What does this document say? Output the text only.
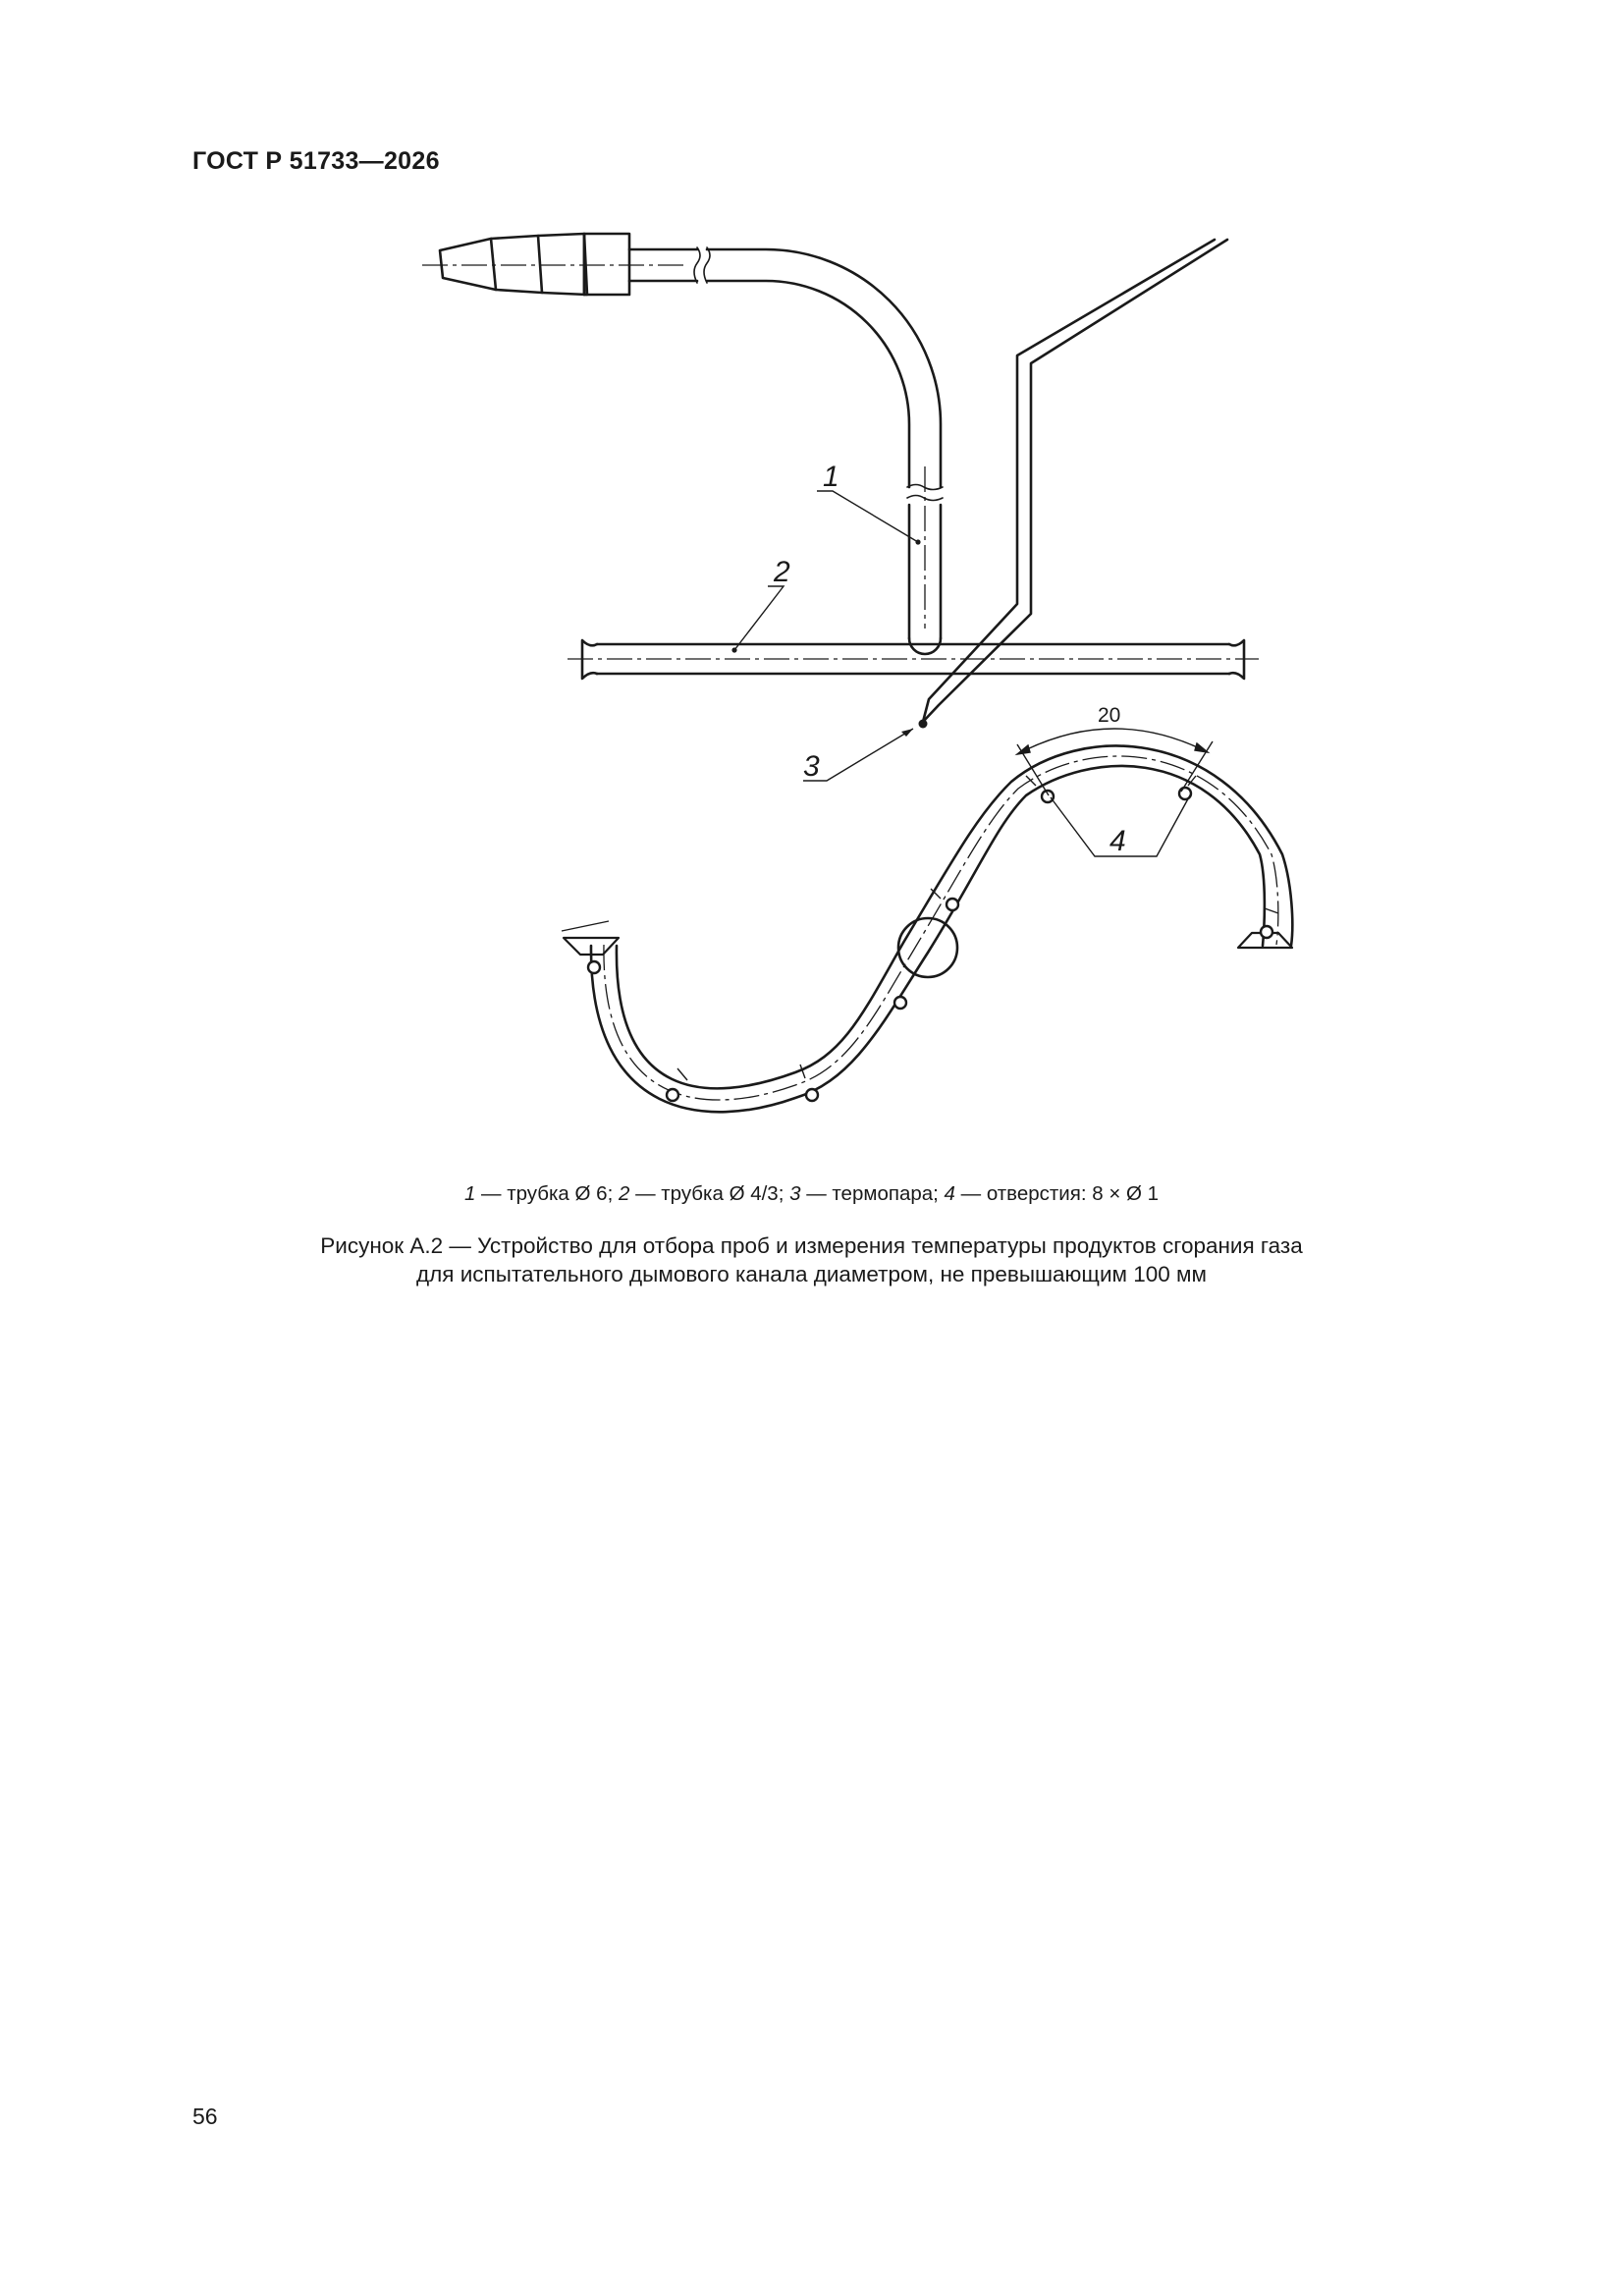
ГОСТ Р 51733—2026
20
1
2
3
4
1 — трубка Ø 6; 2 — трубка Ø 4/3; 3 — термопара; 4 — отверстия: 8 × Ø 1
Рисунок А.2 — Устройство для отбора проб и измерения температуры продуктов сгорания газа
для испытательного дымового канала диаметром, не превышающим 100 мм
56
